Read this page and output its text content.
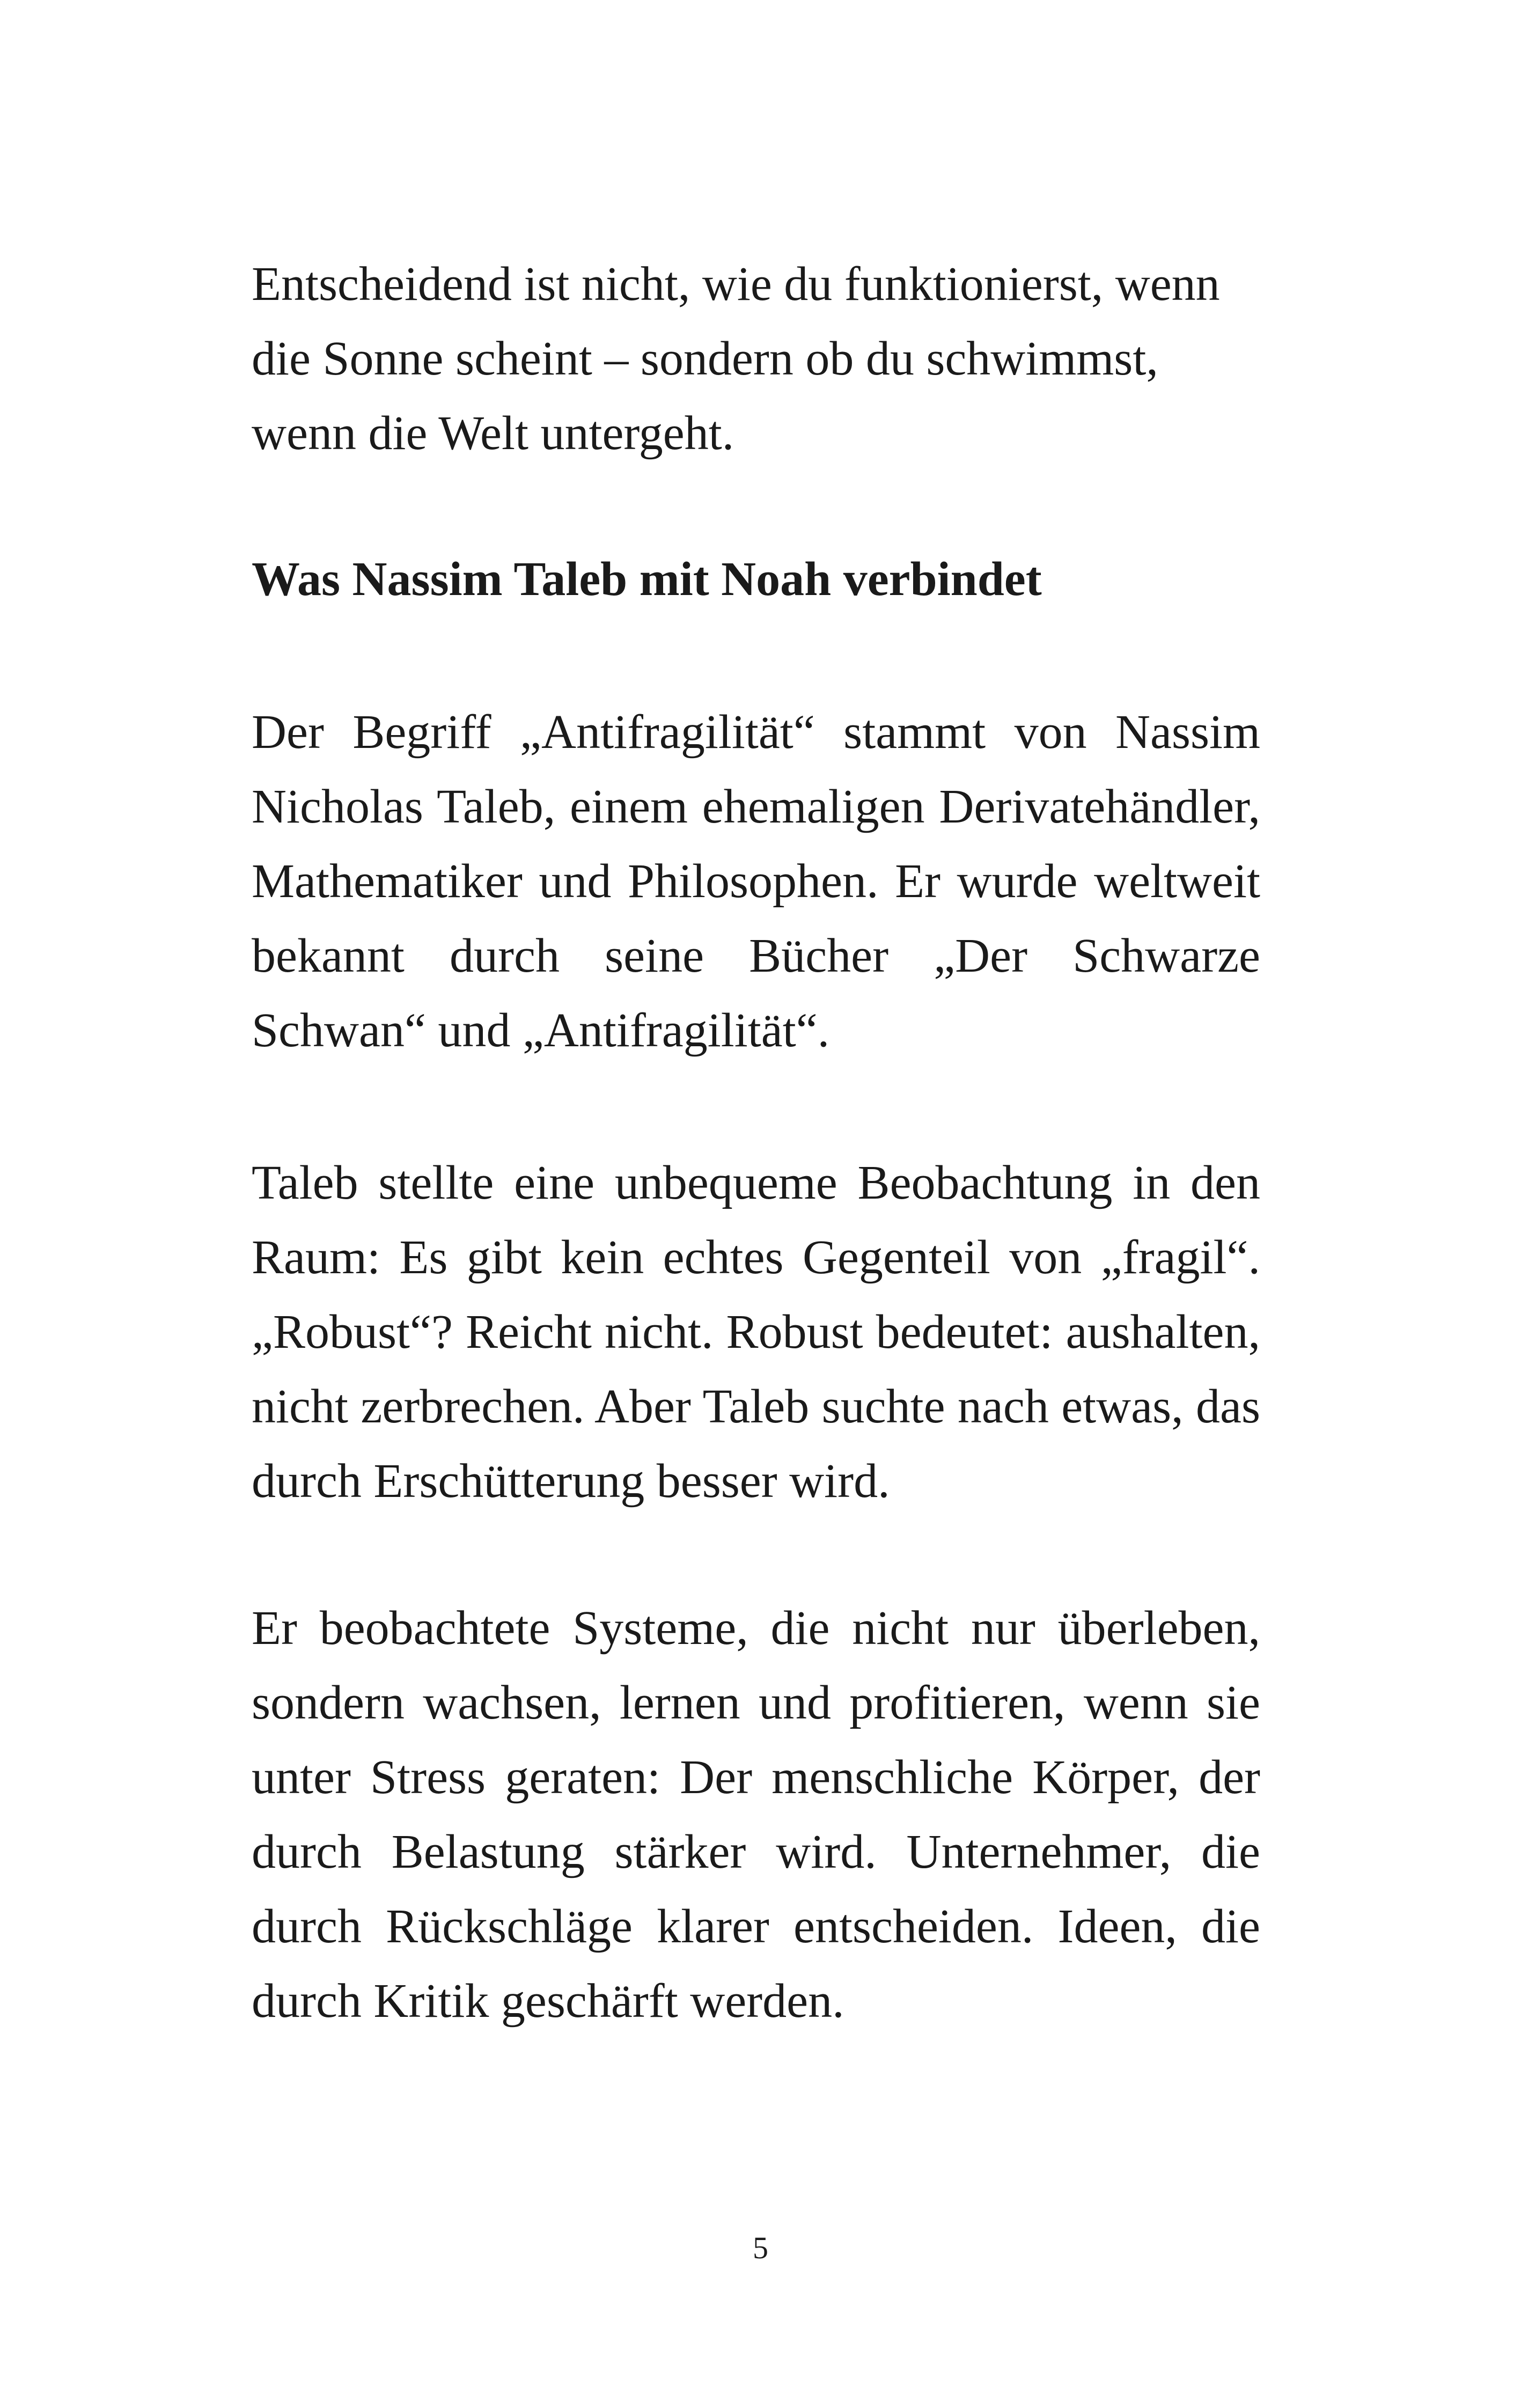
Entscheidend ist nicht, wie du funktionierst, wenn die Sonne scheint – sondern ob du schwimmst, wenn die Welt untergeht.

Was Nassim Taleb mit Noah verbindet

Der Begriff „Antifragilität“ stammt von Nassim Nicholas Taleb, einem ehemaligen Derivatehändler, Mathematiker und Philosophen. Er wurde weltweit bekannt durch seine Bücher „Der Schwarze Schwan“ und „Antifragilität“.

Taleb stellte eine unbequeme Beobachtung in den Raum: Es gibt kein echtes Gegenteil von „fragil“. „Robust“? Reicht nicht. Robust bedeutet: aushalten, nicht zerbrechen. Aber Taleb suchte nach etwas, das durch Erschütterung besser wird.

Er beobachtete Systeme, die nicht nur überleben, sondern wachsen, lernen und profitieren, wenn sie unter Stress geraten: Der menschliche Körper, der durch Belastung stärker wird. Unternehmer, die durch Rückschläge klarer entscheiden. Ideen, die durch Kritik geschärft werden.

5
